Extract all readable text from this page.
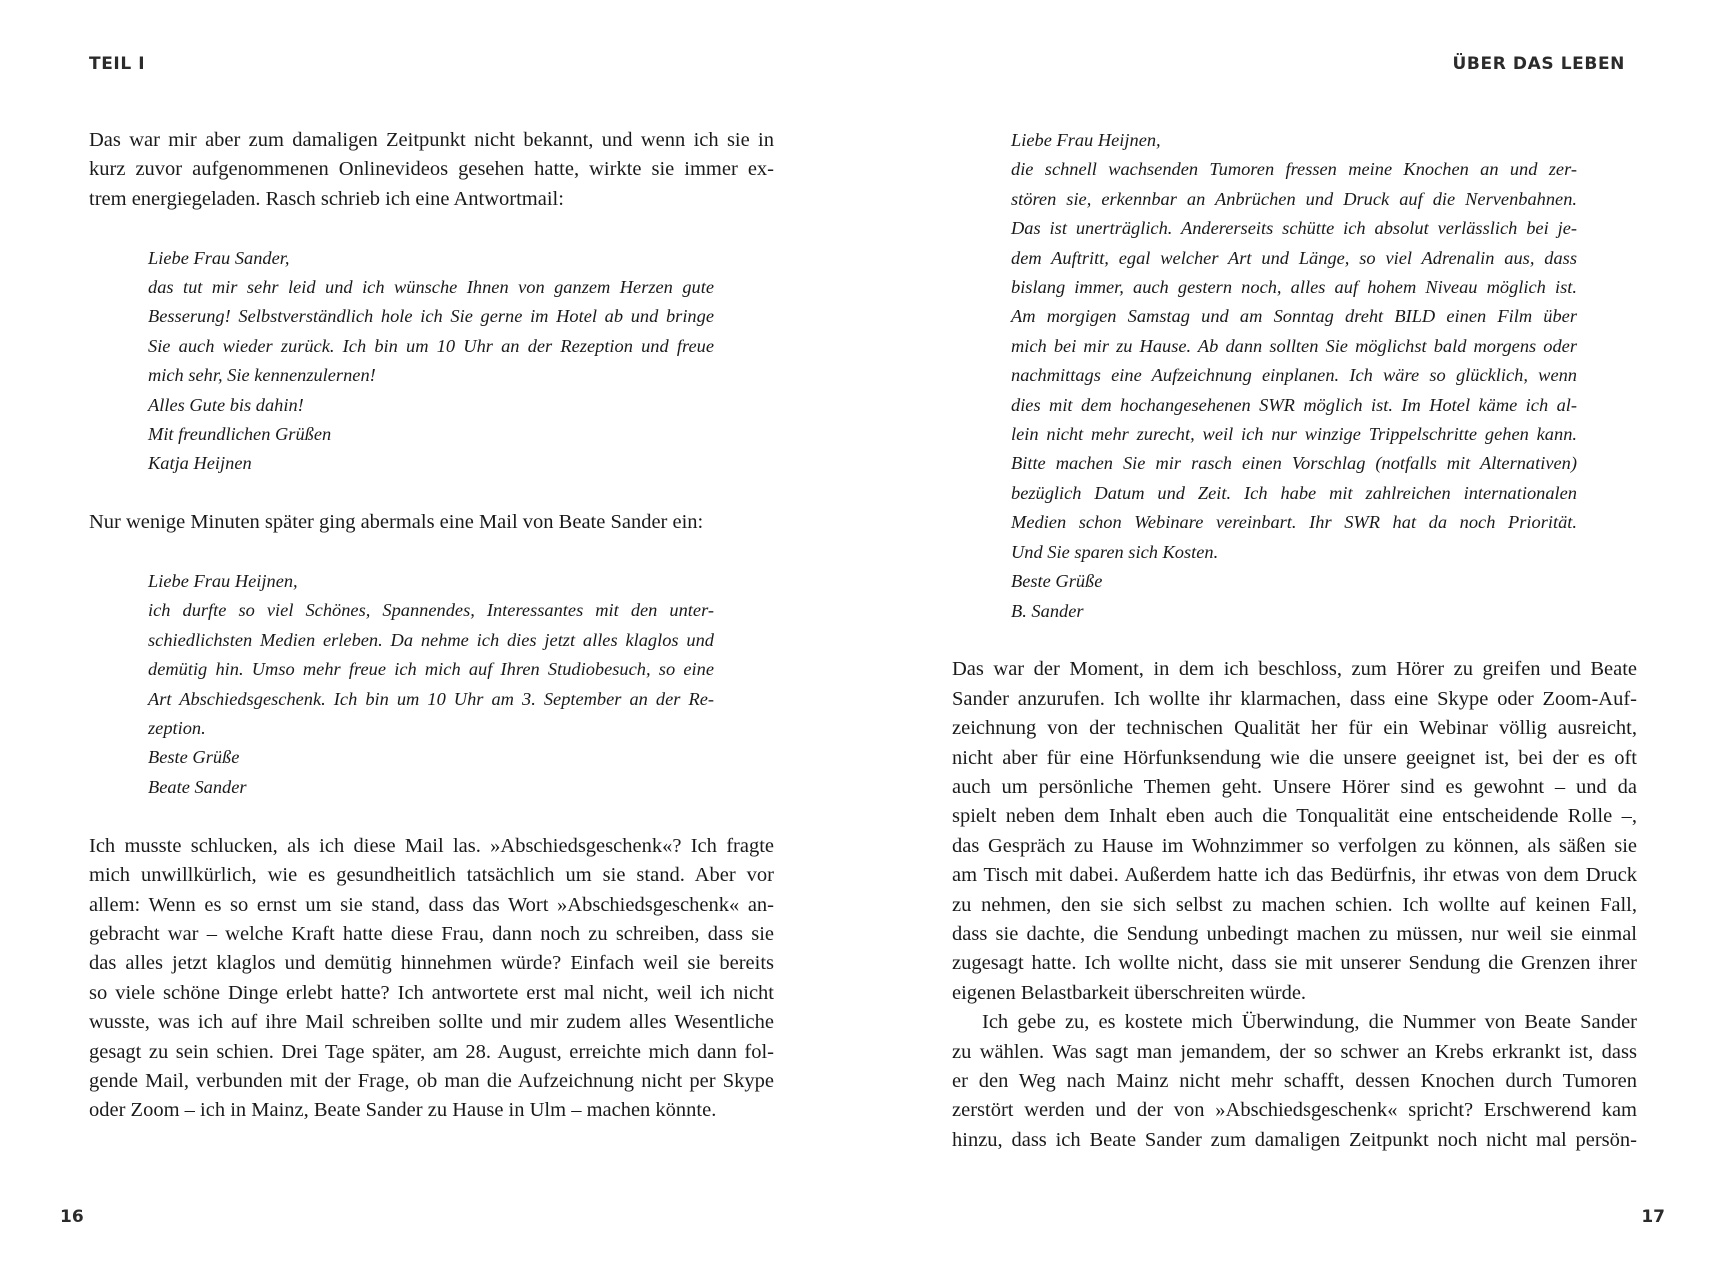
TEIL I
Das war mir aber zum damaligen Zeitpunkt nicht bekannt, und wenn ich sie in
kurz zuvor aufgenommenen Onlinevideos gesehen hatte, wirkte sie immer ex-
trem energiegeladen. Rasch schrieb ich eine Antwortmail:
Liebe Frau Sander,
das tut mir sehr leid und ich wünsche Ihnen von ganzem Herzen gute
Besserung! Selbstverständlich hole ich Sie gerne im Hotel ab und bringe
Sie auch wieder zurück. Ich bin um 10 Uhr an der Rezeption und freue
mich sehr, Sie kennenzulernen!
Alles Gute bis dahin!
Mit freundlichen Grüßen
Katja Heijnen
Nur wenige Minuten später ging abermals eine Mail von Beate Sander ein:
Liebe Frau Heijnen,
ich durfte so viel Schönes, Spannendes, Interessantes mit den unter-
schiedlichsten Medien erleben. Da nehme ich dies jetzt alles klaglos und
demütig hin. Umso mehr freue ich mich auf Ihren Studiobesuch, so eine
Art Abschiedsgeschenk. Ich bin um 10 Uhr am 3. September an der Re-
zeption.
Beste Grüße
Beate Sander
Ich musste schlucken, als ich diese Mail las. »Abschiedsgeschenk«? Ich fragte
mich unwillkürlich, wie es gesundheitlich tatsächlich um sie stand. Aber vor
allem: Wenn es so ernst um sie stand, dass das Wort »Abschiedsgeschenk« an-
gebracht war – welche Kraft hatte diese Frau, dann noch zu schreiben, dass sie
das alles jetzt klaglos und demütig hinnehmen würde? Einfach weil sie bereits
so viele schöne Dinge erlebt hatte? Ich antwortete erst mal nicht, weil ich nicht
wusste, was ich auf ihre Mail schreiben sollte und mir zudem alles Wesentliche
gesagt zu sein schien. Drei Tage später, am 28. August, erreichte mich dann fol-
gende Mail, verbunden mit der Frage, ob man die Aufzeichnung nicht per Skype
oder Zoom – ich in Mainz, Beate Sander zu Hause in Ulm – machen könnte.
16
ÜBER DAS LEBEN
Liebe Frau Heijnen,
die schnell wachsenden Tumoren fressen meine Knochen an und zer-
stören sie, erkennbar an Anbrüchen und Druck auf die Nervenbahnen.
Das ist unerträglich. Andererseits schütte ich absolut verlässlich bei je-
dem Auftritt, egal welcher Art und Länge, so viel Adrenalin aus, dass
bislang immer, auch gestern noch, alles auf hohem Niveau möglich ist.
Am morgigen Samstag und am Sonntag dreht BILD einen Film über
mich bei mir zu Hause. Ab dann sollten Sie möglichst bald morgens oder
nachmittags eine Aufzeichnung einplanen. Ich wäre so glücklich, wenn
dies mit dem hochangesehenen SWR möglich ist. Im Hotel käme ich al-
lein nicht mehr zurecht, weil ich nur winzige Trippelschritte gehen kann.
Bitte machen Sie mir rasch einen Vorschlag (notfalls mit Alternativen)
bezüglich Datum und Zeit. Ich habe mit zahlreichen internationalen
Medien schon Webinare vereinbart. Ihr SWR hat da noch Priorität.
Und Sie sparen sich Kosten.
Beste Grüße
B. Sander
Das war der Moment, in dem ich beschloss, zum Hörer zu greifen und Beate
Sander anzurufen. Ich wollte ihr klarmachen, dass eine Skype oder Zoom-Auf-
zeichnung von der technischen Qualität her für ein Webinar völlig ausreicht,
nicht aber für eine Hörfunksendung wie die unsere geeignet ist, bei der es oft
auch um persönliche Themen geht. Unsere Hörer sind es gewohnt – und da
spielt neben dem Inhalt eben auch die Tonqualität eine entscheidende Rolle –,
das Gespräch zu Hause im Wohnzimmer so verfolgen zu können, als säßen sie
am Tisch mit dabei. Außerdem hatte ich das Bedürfnis, ihr etwas von dem Druck
zu nehmen, den sie sich selbst zu machen schien. Ich wollte auf keinen Fall,
dass sie dachte, die Sendung unbedingt machen zu müssen, nur weil sie einmal
zugesagt hatte. Ich wollte nicht, dass sie mit unserer Sendung die Grenzen ihrer
eigenen Belastbarkeit überschreiten würde.
Ich gebe zu, es kostete mich Überwindung, die Nummer von Beate Sander
zu wählen. Was sagt man jemandem, der so schwer an Krebs erkrankt ist, dass
er den Weg nach Mainz nicht mehr schafft, dessen Knochen durch Tumoren
zerstört werden und der von »Abschiedsgeschenk« spricht? Erschwerend kam
hinzu, dass ich Beate Sander zum damaligen Zeitpunkt noch nicht mal persön-
17
